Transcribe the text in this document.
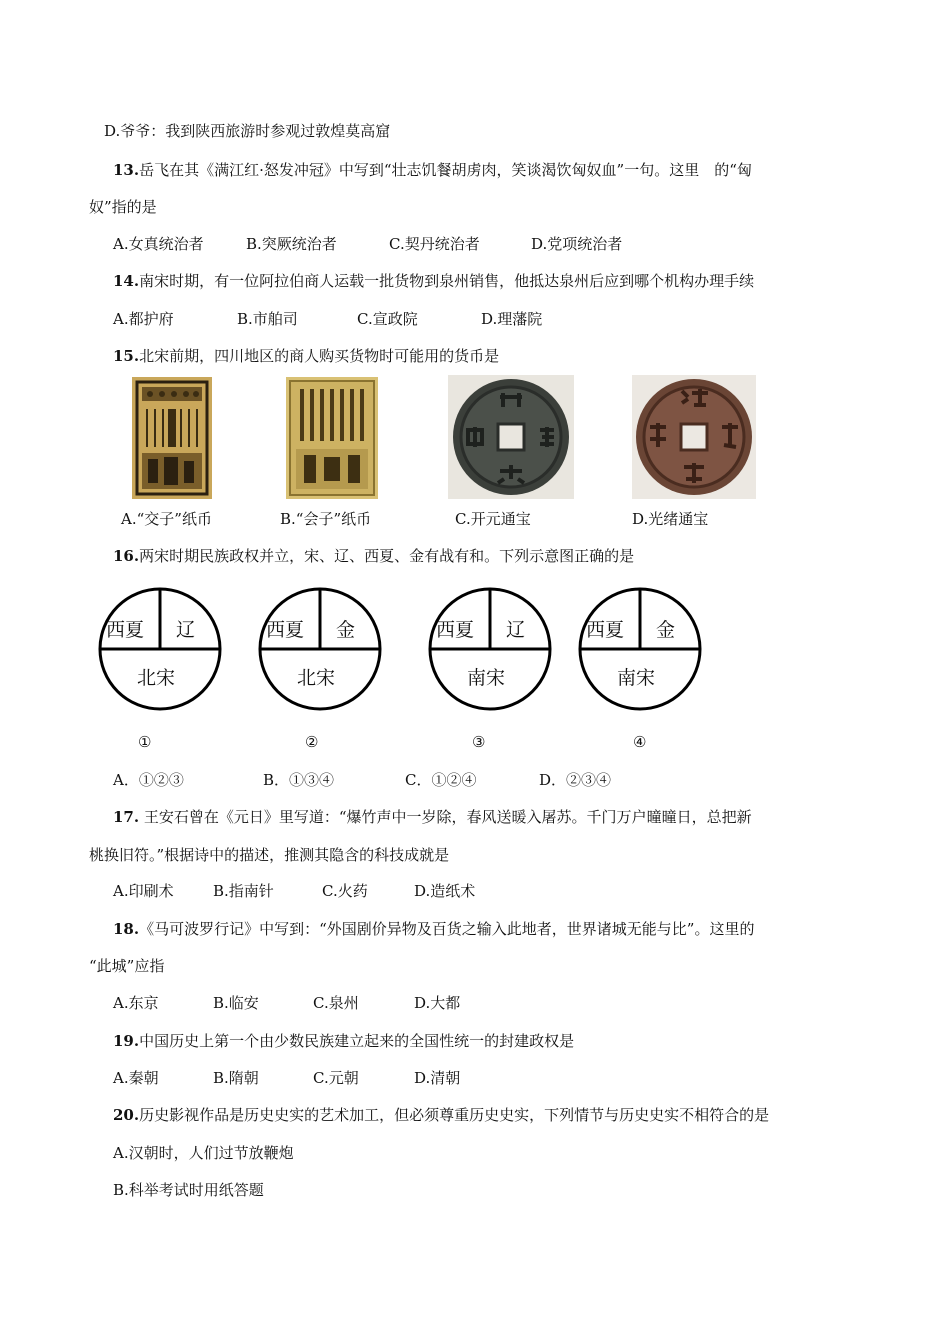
D.爷爷：我到陕西旅游时参观过敦煌莫高窟
13.岳飞在其《满江红·怒发冲冠》中写到“壮志饥餐胡虏肉，笑谈渴饮匈奴血”一句。这里　的“匈
奴”指的是
A.女真统治者	B.突厥统治者	C.契丹统治者	D.党项统治者
14.南宋时期，有一位阿拉伯商人运载一批货物到泉州销售，他抵达泉州后应到哪个机构办理手续
A.都护府	B.市舶司	C.宣政院	D.理藩院
15.北宋前期，四川地区的商人购买货物时可能用的货币是
A.“交子”纸币	B.“会子”纸币	C.开元通宝	D.光绪通宝
16.两宋时期民族政权并立，宋、辽、西夏、金有战有和。下列示意图正确的是
西夏 辽
北宋
西夏 金
北宋
西夏 辽
南宋
西夏 金
南宋
①	②	③	④
A．①②③	B．①③④	C．①②④	D．②③④
17. 王安石曾在《元日》里写道：“爆竹声中一岁除，春风送暖入屠苏。千门万户曈曈日，总把新
桃换旧符。”根据诗中的描述，推测其隐含的科技成就是
A.印刷术	B.指南针	C.火药	D.造纸术
18.《马可波罗行记》中写到：“外国剧价异物及百货之输入此地者，世界诸城无能与比”。这里的
“此城”应指
A.东京	B.临安	C.泉州	D.大都
19.中国历史上第一个由少数民族建立起来的全国性统一的封建政权是
A.秦朝	B.隋朝	C.元朝	D.清朝
20.历史影视作品是历史史实的艺术加工，但必须尊重历史史实，下列情节与历史史实不相符合的是
A.汉朝时，人们过节放鞭炮
B.科举考试时用纸答题
